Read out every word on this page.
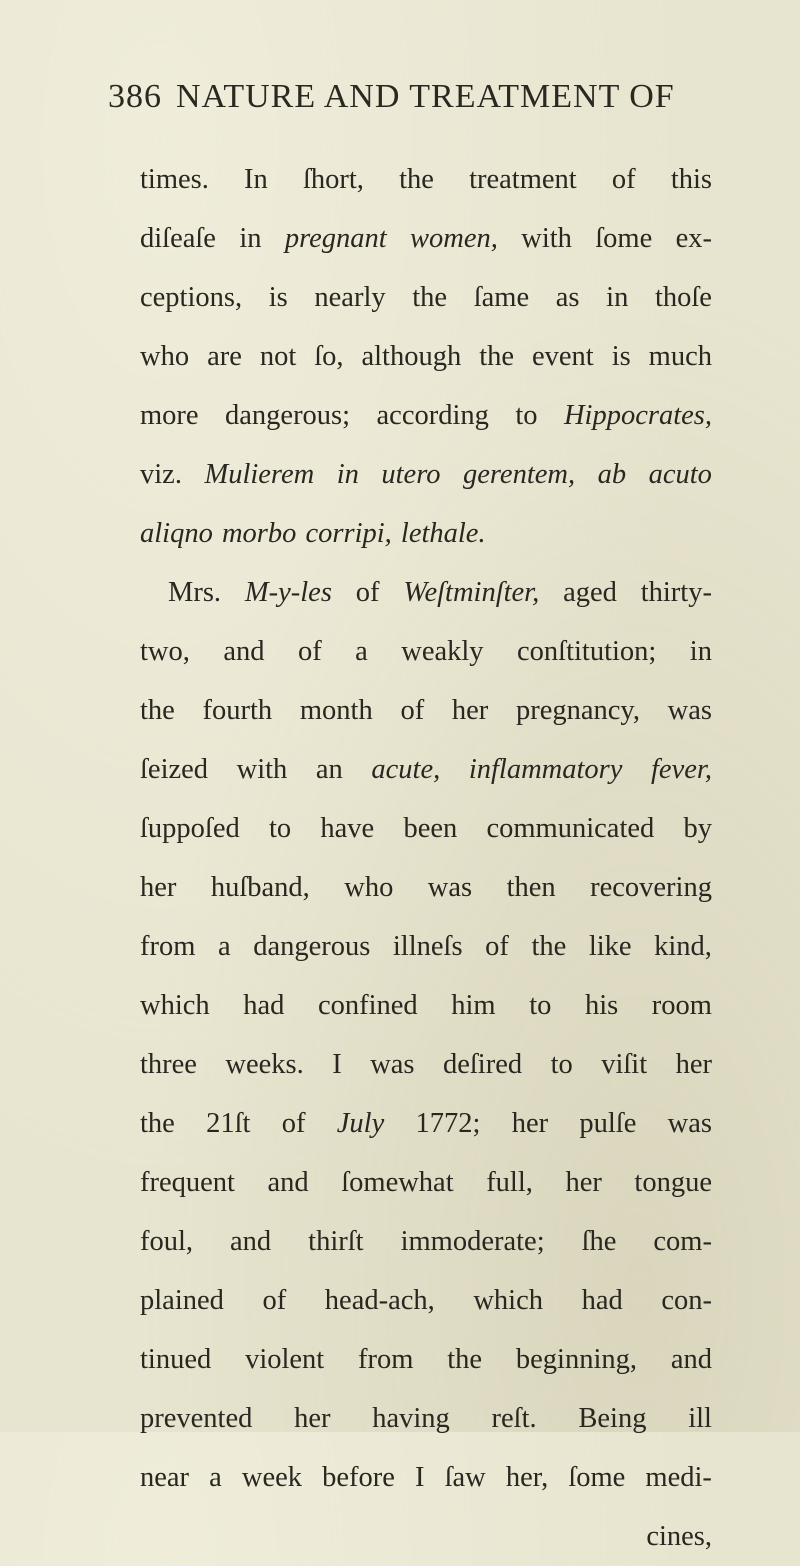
386 NATURE AND TREATMENT OF
times. In ſhort, the treatment of this
diſeaſe in pregnant women, with ſome ex-
ceptions, is nearly the ſame as in thoſe
who are not ſo, although the event is much
more dangerous; according to Hippocrates,
viz. Mulierem in utero gerentem, ab acuto
aliqno morbo corripi, lethale.
Mrs. M-y-les of Weſtminſter, aged thirty-
two, and of a weakly conſtitution; in
the fourth month of her pregnancy, was
ſeized with an acute, inflammatory fever,
ſuppoſed to have been communicated by
her huſband, who was then recovering
from a dangerous illneſs of the like kind,
which had confined him to his room
three weeks. I was deſired to viſit her
the 21ſt of July 1772; her pulſe was
frequent and ſomewhat full, her tongue
foul, and thirſt immoderate; ſhe com-
plained of head-ach, which had con-
tinued violent from the beginning, and
prevented her having reſt. Being ill
near a week before I ſaw her, ſome medi-
cines,
